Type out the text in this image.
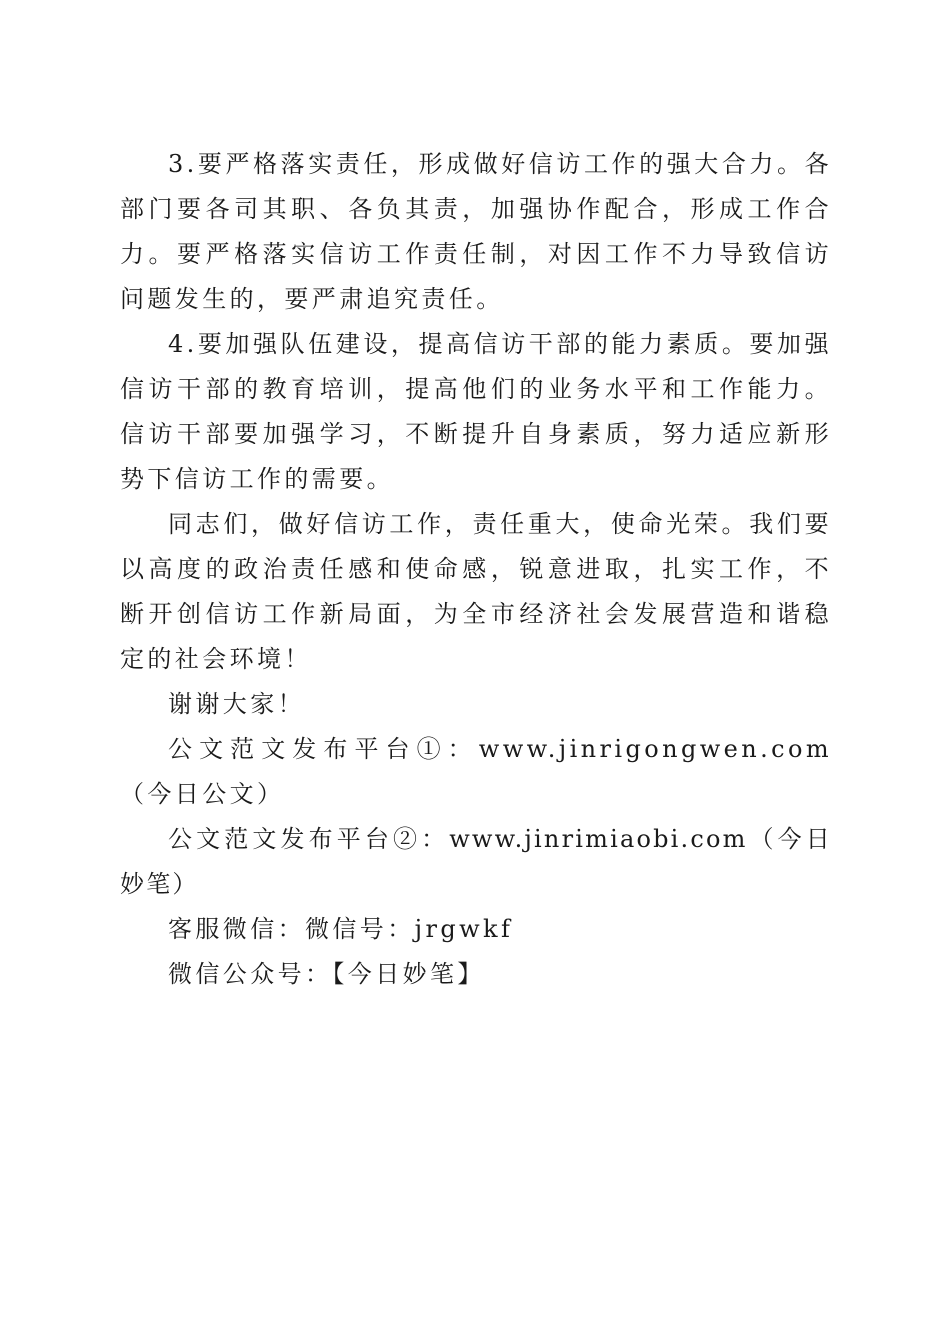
3.要严格落实责任，形成做好信访工作的强大合力。各部门要各司其职、各负其责，加强协作配合，形成工作合力。要严格落实信访工作责任制，对因工作不力导致信访问题发生的，要严肃追究责任。

4.要加强队伍建设，提高信访干部的能力素质。要加强信访干部的教育培训，提高他们的业务水平和工作能力。信访干部要加强学习，不断提升自身素质，努力适应新形势下信访工作的需要。

同志们，做好信访工作，责任重大，使命光荣。我们要以高度的政治责任感和使命感，锐意进取，扎实工作，不断开创信访工作新局面，为全市经济社会发展营造和谐稳定的社会环境！

谢谢大家！

公文范文发布平台①：www.jinrigongwen.com（今日公文）

公文范文发布平台②：www.jinrimiaobi.com（今日妙笔）

客服微信：微信号：jrgwkf

微信公众号：【今日妙笔】
